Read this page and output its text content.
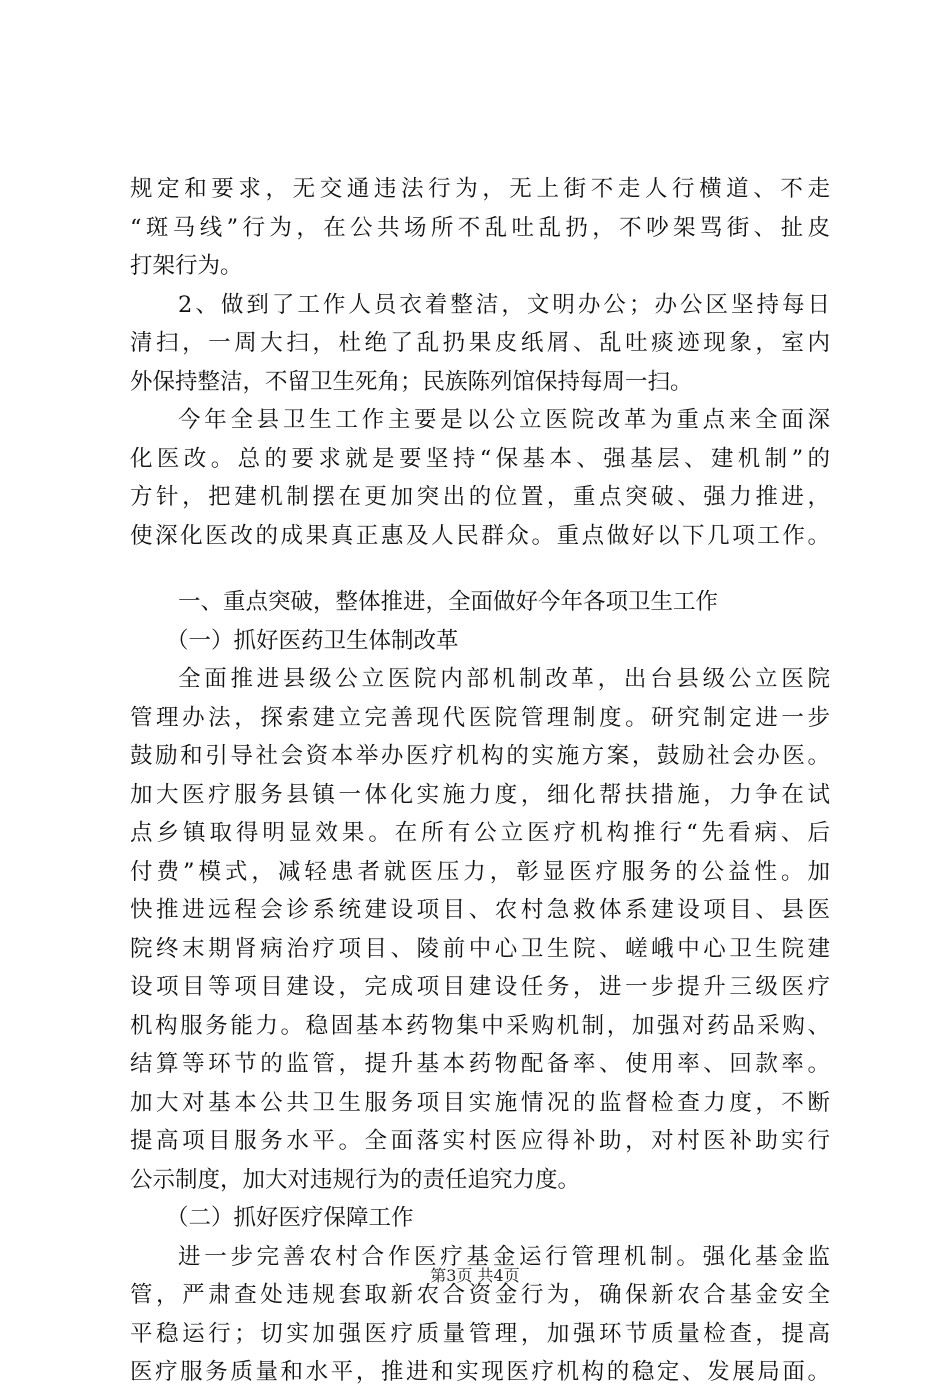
规定和要求，无交通违法行为，无上街不走人行横道、不走
“斑马线”行为，在公共场所不乱吐乱扔，不吵架骂街、扯皮
打架行为。
2、做到了工作人员衣着整洁，文明办公；办公区坚持每日
清扫，一周大扫，杜绝了乱扔果皮纸屑、乱吐痰迹现象，室内
外保持整洁，不留卫生死角；民族陈列馆保持每周一扫。
今年全县卫生工作主要是以公立医院改革为重点来全面深
化医改。总的要求就是要坚持“保基本、强基层、建机制”的
方针，把建机制摆在更加突出的位置，重点突破、强力推进，
使深化医改的成果真正惠及人民群众。重点做好以下几项工作。
一、重点突破，整体推进，全面做好今年各项卫生工作
（一）抓好医药卫生体制改革
全面推进县级公立医院内部机制改革，出台县级公立医院
管理办法，探索建立完善现代医院管理制度。研究制定进一步
鼓励和引导社会资本举办医疗机构的实施方案，鼓励社会办医。
加大医疗服务县镇一体化实施力度，细化帮扶措施，力争在试
点乡镇取得明显效果。在所有公立医疗机构推行“先看病、后
付费”模式，减轻患者就医压力，彰显医疗服务的公益性。加
快推进远程会诊系统建设项目、农村急救体系建设项目、县医
院终末期肾病治疗项目、陵前中心卫生院、嵯峨中心卫生院建
设项目等项目建设，完成项目建设任务，进一步提升三级医疗
机构服务能力。稳固基本药物集中采购机制，加强对药品采购、
结算等环节的监管，提升基本药物配备率、使用率、回款率。
加大对基本公共卫生服务项目实施情况的监督检查力度，不断
提高项目服务水平。全面落实村医应得补助，对村医补助实行
公示制度，加大对违规行为的责任追究力度。
（二）抓好医疗保障工作
进一步完善农村合作医疗基金运行管理机制。强化基金监
管，严肃查处违规套取新农合资金行为，确保新农合基金安全
平稳运行；切实加强医疗质量管理，加强环节质量检查，提高
医疗服务质量和水平，推进和实现医疗机构的稳定、发展局面。
第3页 共4页
